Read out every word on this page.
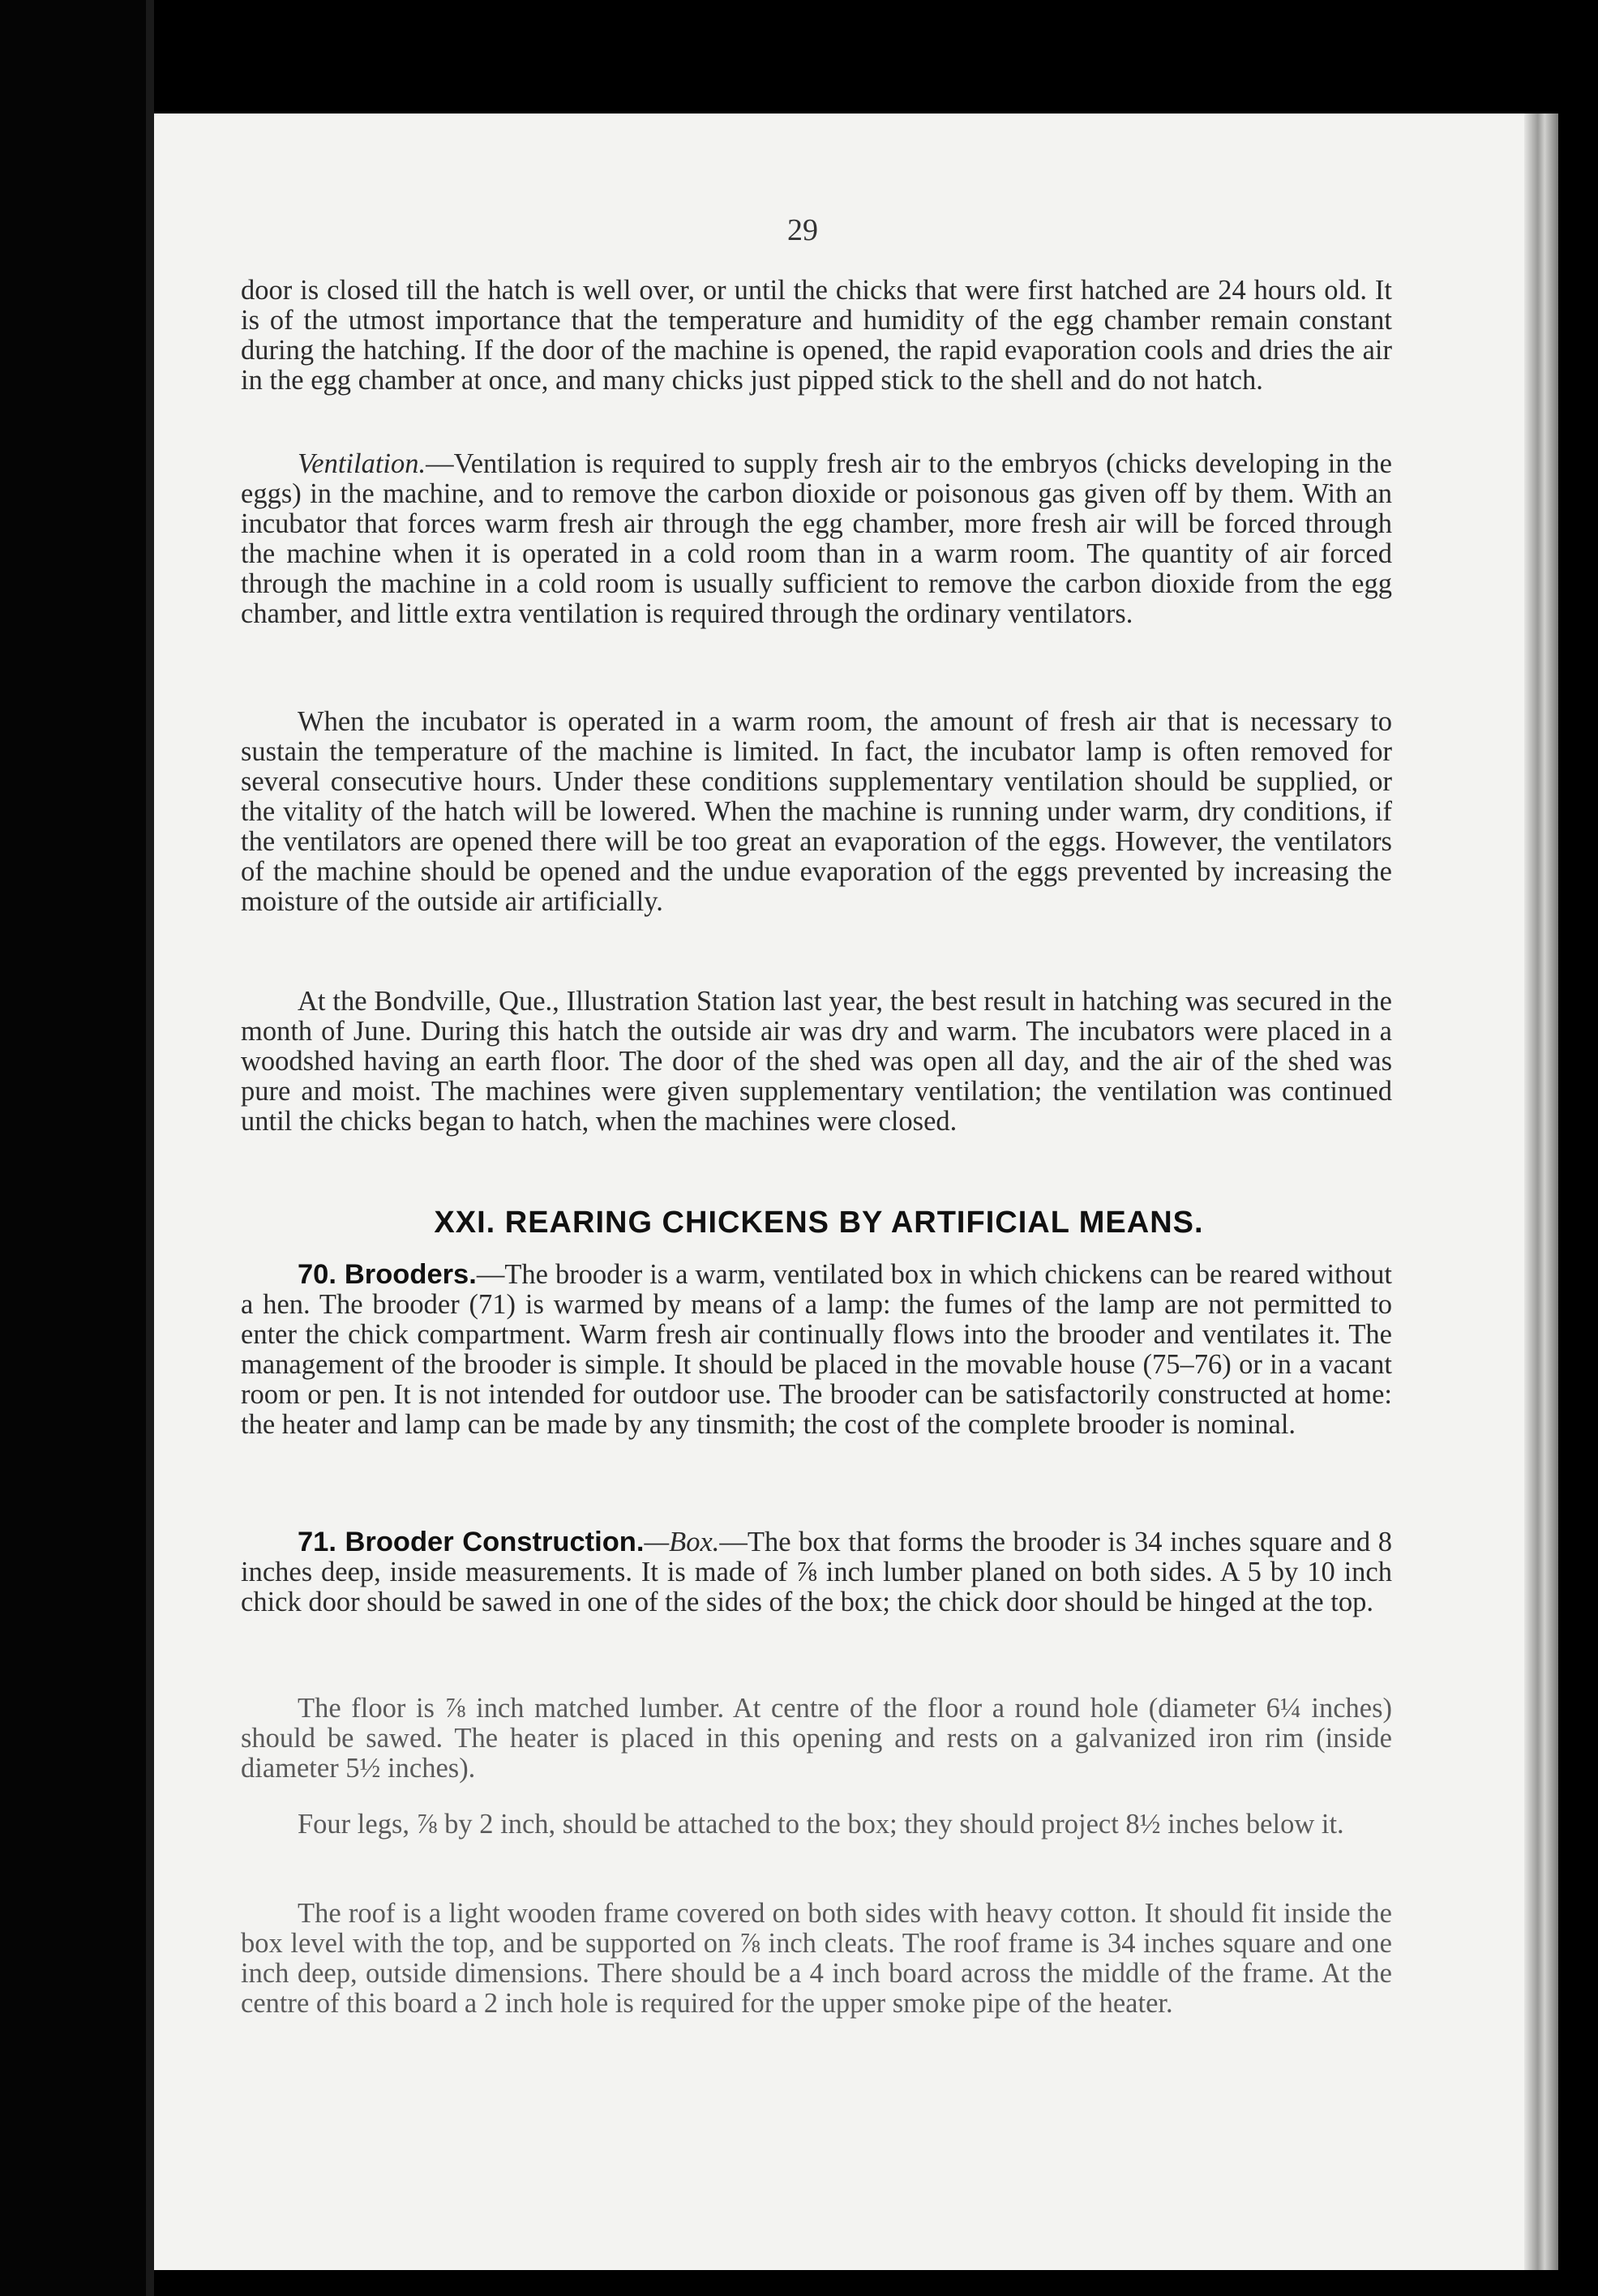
29

door is closed till the hatch is well over, or until the chicks that were first hatched are 24 hours old. It is of the utmost importance that the temperature and humidity of the egg chamber remain constant during the hatching. If the door of the machine is opened, the rapid evaporation cools and dries the air in the egg chamber at once, and many chicks just pipped stick to the shell and do not hatch.

Ventilation.—Ventilation is required to supply fresh air to the embryos (chicks developing in the eggs) in the machine, and to remove the carbon dioxide or poisonous gas given off by them. With an incubator that forces warm fresh air through the egg chamber, more fresh air will be forced through the machine when it is operated in a cold room than in a warm room. The quantity of air forced through the machine in a cold room is usually sufficient to remove the carbon dioxide from the egg chamber, and little extra ventilation is required through the ordinary ventilators.

When the incubator is operated in a warm room, the amount of fresh air that is necessary to sustain the temperature of the machine is limited. In fact, the incubator lamp is often removed for several consecutive hours. Under these conditions supplementary ventilation should be supplied, or the vitality of the hatch will be lowered. When the machine is running under warm, dry conditions, if the ventilators are opened there will be too great an evaporation of the eggs. However, the ventilators of the machine should be opened and the undue evaporation of the eggs prevented by increasing the moisture of the outside air artificially.

At the Bondville, Que., Illustration Station last year, the best result in hatching was secured in the month of June. During this hatch the outside air was dry and warm. The incubators were placed in a woodshed having an earth floor. The door of the shed was open all day, and the air of the shed was pure and moist. The machines were given supplementary ventilation; the ventilation was continued until the chicks began to hatch, when the machines were closed.

XXI. REARING CHICKENS BY ARTIFICIAL MEANS.

70. Brooders.—The brooder is a warm, ventilated box in which chickens can be reared without a hen. The brooder (71) is warmed by means of a lamp: the fumes of the lamp are not permitted to enter the chick compartment. Warm fresh air continually flows into the brooder and ventilates it. The management of the brooder is simple. It should be placed in the movable house (75–76) or in a vacant room or pen. It is not intended for outdoor use. The brooder can be satisfactorily constructed at home: the heater and lamp can be made by any tinsmith; the cost of the complete brooder is nominal.

71. Brooder Construction.—Box.—The box that forms the brooder is 34 inches square and 8 inches deep, inside measurements. It is made of ⅞ inch lumber planed on both sides. A 5 by 10 inch chick door should be sawed in one of the sides of the box; the chick door should be hinged at the top.

The floor is ⅞ inch matched lumber. At centre of the floor a round hole (diameter 6¼ inches) should be sawed. The heater is placed in this opening and rests on a galvanized iron rim (inside diameter 5½ inches).

Four legs, ⅞ by 2 inch, should be attached to the box; they should project 8½ inches below it.

The roof is a light wooden frame covered on both sides with heavy cotton. It should fit inside the box level with the top, and be supported on ⅞ inch cleats. The roof frame is 34 inches square and one inch deep, outside dimensions. There should be a 4 inch board across the middle of the frame. At the centre of this board a 2 inch hole is required for the upper smoke pipe of the heater.
